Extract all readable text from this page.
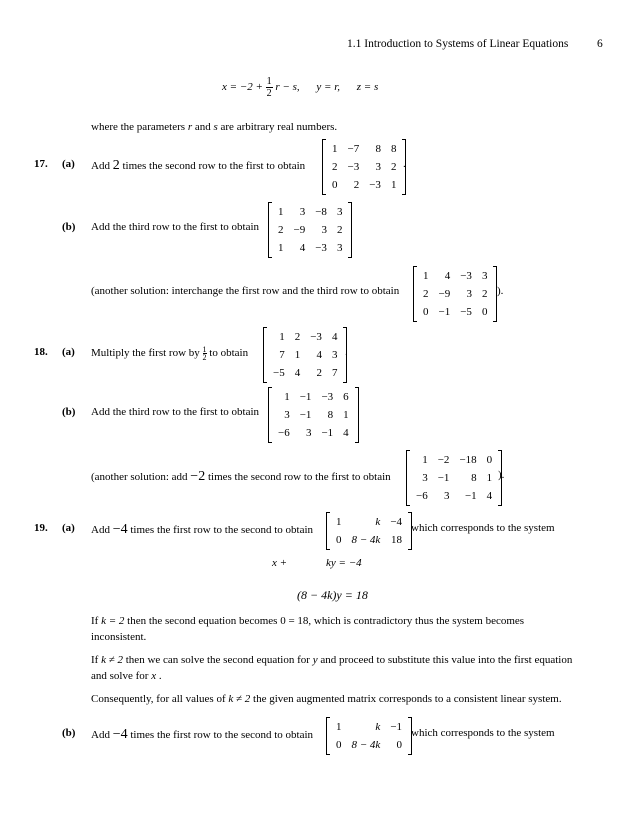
1.1 Introduction to Systems of Linear Equations 6
$x = -2 + \frac{1}{2}$ r − s, y = r, z = s
where the parameters r and s are arbitrary real numbers.
17. (a) Add 2 times the second row to the first to obtain
1	−7	8	8
2	−3	3	2
0	2	−3	1
.
(b) Add the third row to the first to obtain
1	3	−8	3
2	−9	3	2
1	4	−3	3
(another solution: interchange the first row and the third row to obtain
1	4	−3	3
2	−9	3	2
0	−1	−5	0
).
18. (a) Multiply the first row by $\frac{1}{2}$ to obtain
1	2	−3	4
7	1	4	3
−5	4	2	7
.
(b) Add the third row to the first to obtain
1	−1	−3	6
3	−1	8	1
−6	3	−1	4
(another solution: add −2 times the second row to the first to obtain
1	−2	−18	0
3	−1	8	1
−6	3	−1	4
).
19. (a) Add −4 times the first row to the second to obtain
1	k	−4
0	8 − 4k	18
which corresponds to the system
x +	ky = −4
(8 − 4k)y = 18
If k = 2 then the second equation becomes 0 = 18, which is contradictory thus the system becomes
inconsistent.
If k ≠ 2 then we can solve the second equation for y and proceed to substitute this value into the first equation
and solve for x .
Consequently, for all values of k ≠ 2 the given augmented matrix corresponds to a consistent linear system.
(b) Add −4 times the first row to the second to obtain
1	k	−1
0	8 − 4k	0
which corresponds to the system
